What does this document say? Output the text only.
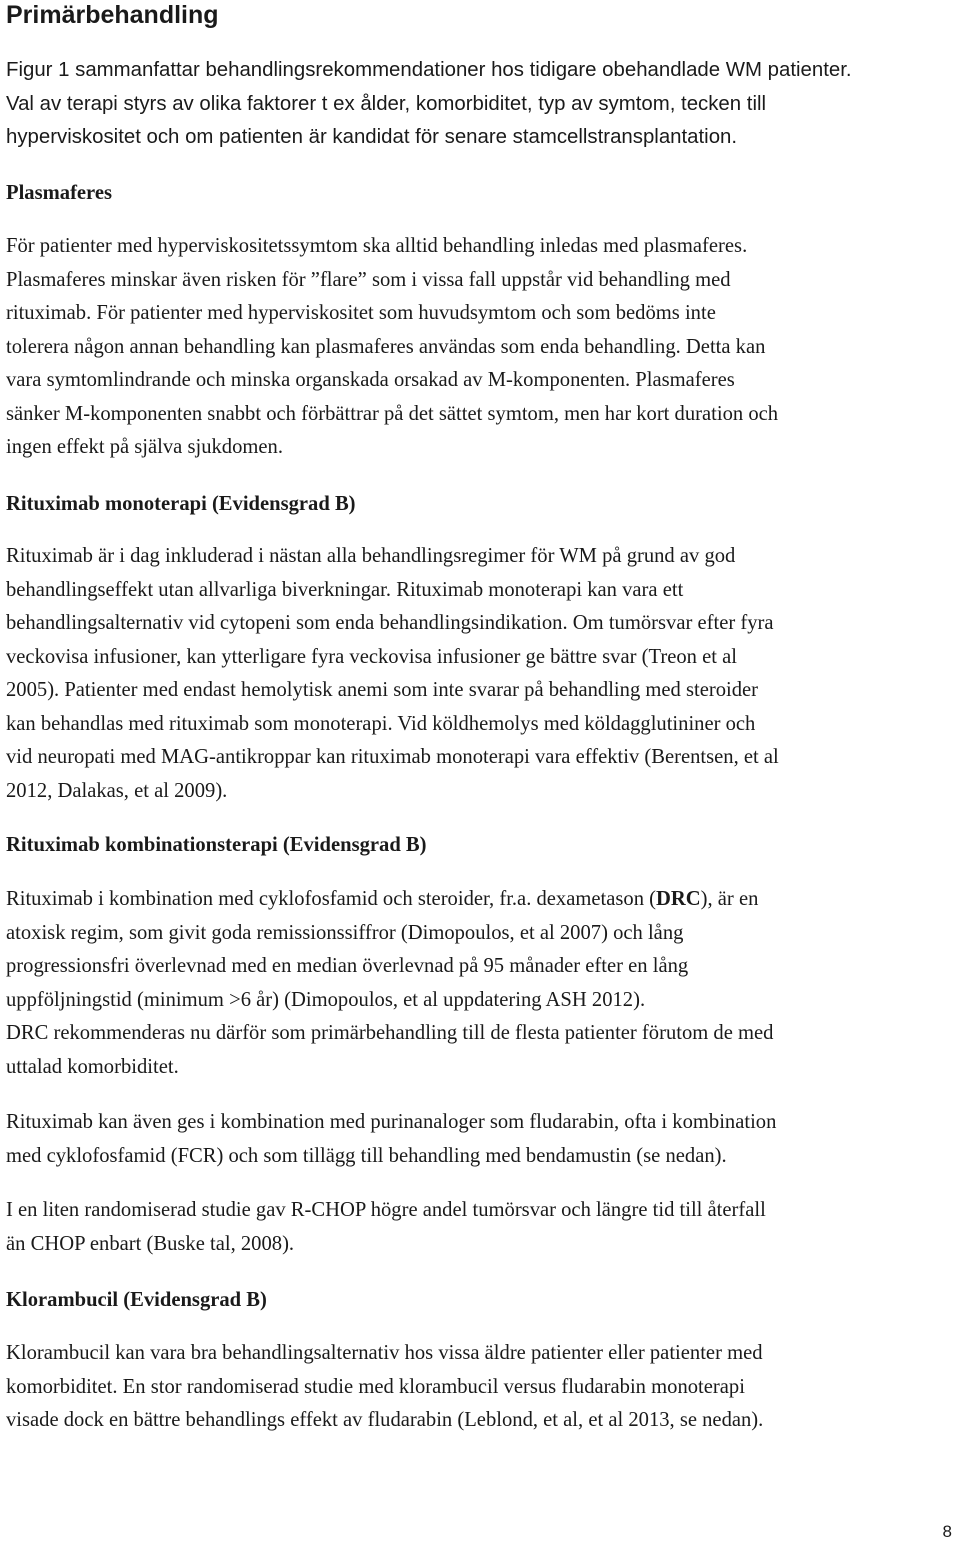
Primärbehandling

Figur 1 sammanfattar behandlingsrekommendationer hos tidigare obehandlade WM patienter.
Val av terapi styrs av olika faktorer t ex ålder, komorbiditet, typ av symtom, tecken till
hyperviskositet och om patienten är kandidat för senare stamcellstransplantation.

Plasmaferes

För patienter med hyperviskositetssymtom ska alltid behandling inledas med plasmaferes.
Plasmaferes minskar även risken för ”flare” som i vissa fall uppstår vid behandling med
rituximab. För patienter med hyperviskositet som huvudsymtom och som bedöms inte
tolerera någon annan behandling kan plasmaferes användas som enda behandling. Detta kan
vara symtomlindrande och minska organskada orsakad av M-komponenten. Plasmaferes
sänker M-komponenten snabbt och förbättrar på det sättet symtom, men har kort duration och
ingen effekt på själva sjukdomen.

Rituximab monoterapi (Evidensgrad B)

Rituximab är i dag inkluderad i nästan alla behandlingsregimer för WM på grund av god
behandlingseffekt utan allvarliga biverkningar. Rituximab monoterapi kan vara ett
behandlingsalternativ vid cytopeni som enda behandlingsindikation. Om tumörsvar efter fyra
veckovisa infusioner, kan ytterligare fyra veckovisa infusioner ge bättre svar (Treon et al
2005). Patienter med endast hemolytisk anemi som inte svarar på behandling med steroider
kan behandlas med rituximab som monoterapi. Vid köldhemolys med köldagglutininer och
vid neuropati med MAG-antikroppar kan rituximab monoterapi vara effektiv (Berentsen, et al
2012, Dalakas, et al 2009).

Rituximab kombinationsterapi (Evidensgrad B)

Rituximab i kombination med cyklofosfamid och steroider, fr.a. dexametason (DRC), är en
atoxisk regim, som givit goda remissionssiffror (Dimopoulos, et al 2007) och lång
progressionsfri överlevnad med en median överlevnad på 95 månader efter en lång
uppföljningstid (minimum >6 år) (Dimopoulos, et al uppdatering ASH 2012).
DRC rekommenderas nu därför som primärbehandling till de flesta patienter förutom de med
uttalad komorbiditet.

Rituximab kan även ges i kombination med purinanaloger som fludarabin, ofta i kombination
med cyklofosfamid (FCR) och som tillägg till behandling med bendamustin (se nedan).

I en liten randomiserad studie gav R-CHOP högre andel tumörsvar och längre tid till återfall
än CHOP enbart (Buske tal, 2008).

Klorambucil (Evidensgrad B)

Klorambucil kan vara bra behandlingsalternativ hos vissa äldre patienter eller patienter med
komorbiditet. En stor randomiserad studie med klorambucil versus fludarabin monoterapi
visade dock en bättre behandlings effekt av fludarabin (Leblond, et al, et al 2013, se nedan).

8
